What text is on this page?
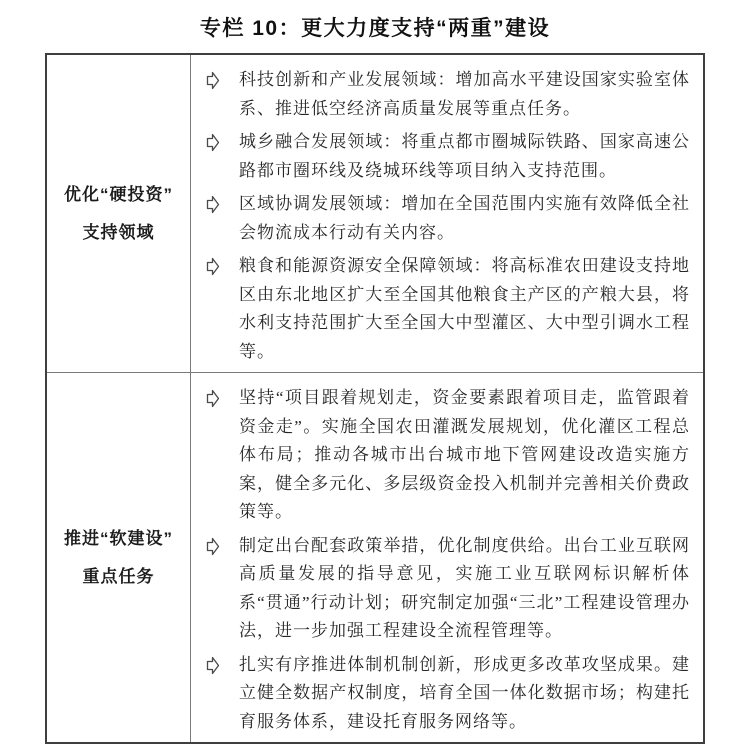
专栏 10：更大力度支持“两重”建设
优化“硬投资”
支持领域
科技创新和产业发展领域：增加高水平建设国家实验室体系、推进低空经济高质量发展等重点任务。
城乡融合发展领域：将重点都市圈城际铁路、国家高速公路都市圈环线及绕城环线等项目纳入支持范围。
区域协调发展领域：增加在全国范围内实施有效降低全社会物流成本行动有关内容。
粮食和能源资源安全保障领域：将高标准农田建设支持地区由东北地区扩大至全国其他粮食主产区的产粮大县，将水利支持范围扩大至全国大中型灌区、大中型引调水工程等。
推进“软建设”
重点任务
坚持“项目跟着规划走，资金要素跟着项目走，监管跟着资金走”。实施全国农田灌溉发展规划，优化灌区工程总体布局；推动各城市出台城市地下管网建设改造实施方案，健全多元化、多层级资金投入机制并完善相关价费政策等。
制定出台配套政策举措，优化制度供给。出台工业互联网高质量发展的指导意见，实施工业互联网标识解析体系“贯通”行动计划；研究制定加强“三北”工程建设管理办法，进一步加强工程建设全流程管理等。
扎实有序推进体制机制创新，形成更多改革攻坚成果。建立健全数据产权制度，培育全国一体化数据市场；构建托育服务体系，建设托育服务网络等。
